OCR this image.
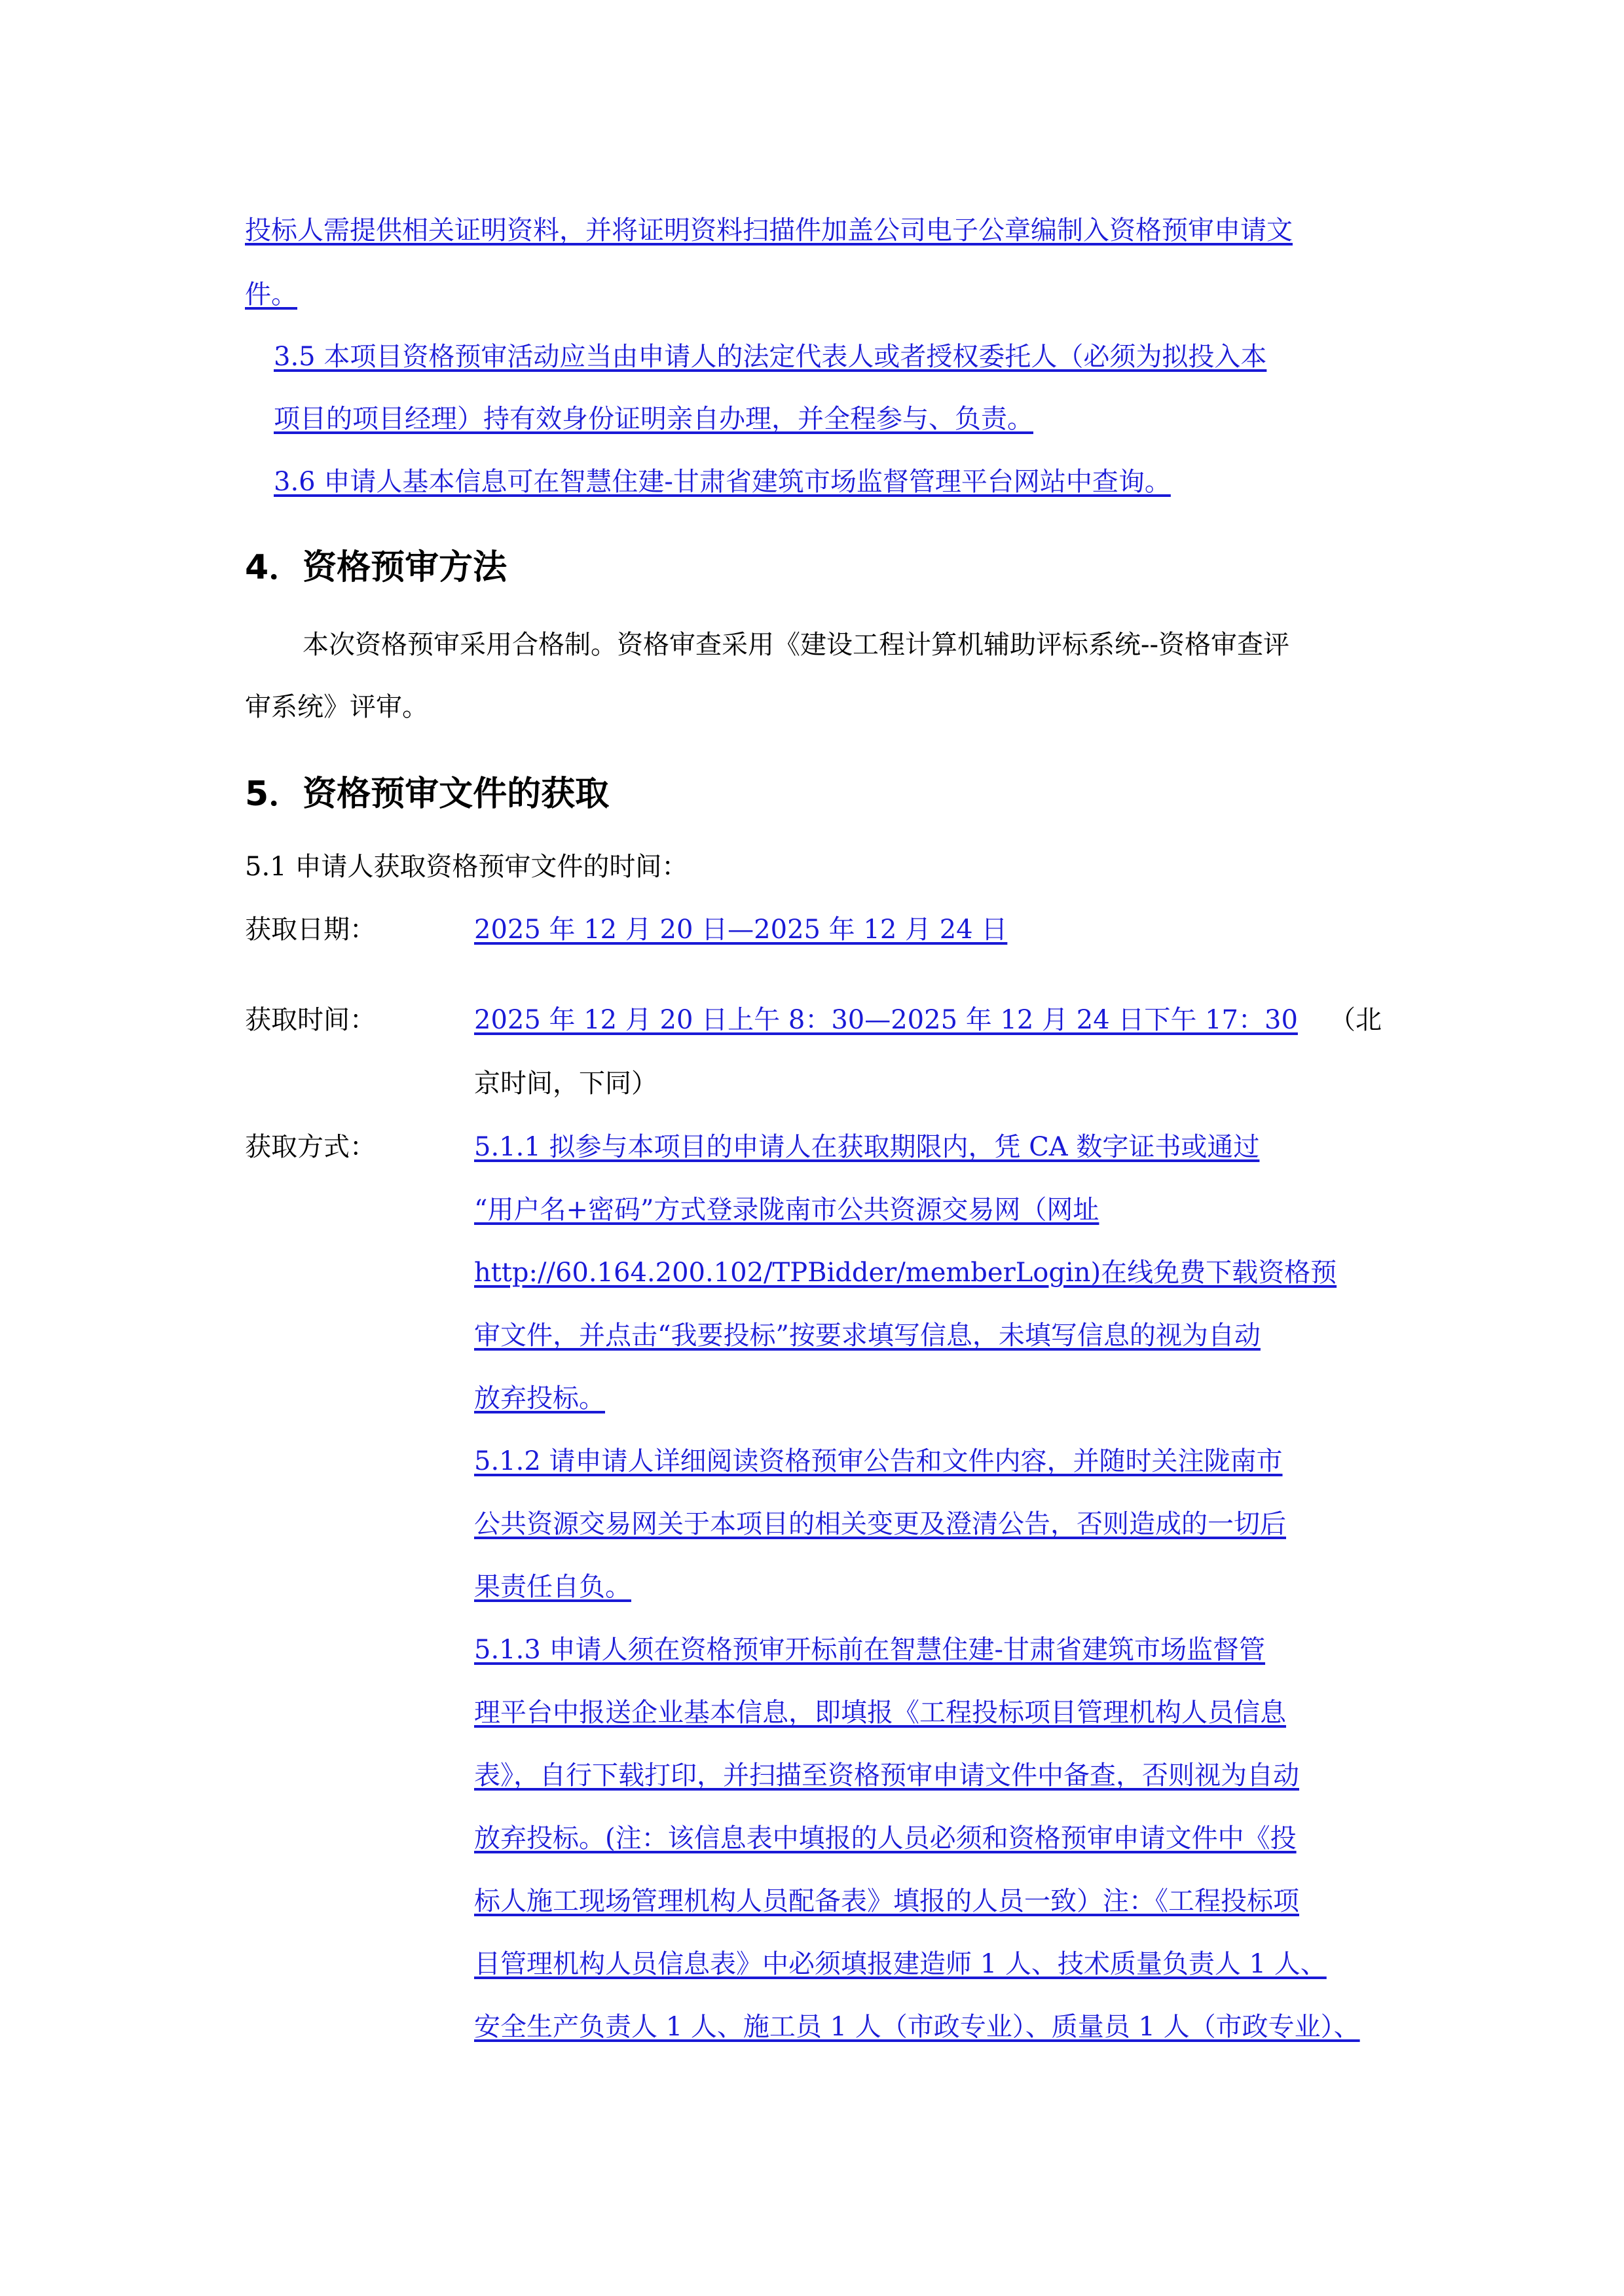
投标人需提供相关证明资料，并将证明资料扫描件加盖公司电子公章编制入资格预审申请文
件。
3.5 本项目资格预审活动应当由申请人的法定代表人或者授权委托人（必须为拟投入本
项目的项目经理）持有效身份证明亲自办理，并全程参与、负责。
3.6 申请人基本信息可在智慧住建-甘肃省建筑市场监督管理平台网站中查询。
4．资格预审方法
本次资格预审采用合格制。资格审查采用《建设工程计算机辅助评标系统--资格审查评
审系统》评审。
5．资格预审文件的获取
5.1 申请人获取资格预审文件的时间：
获取日期：	2025 年 12 月 20 日—2025 年 12 月 24 日
获取时间：	2025 年 12 月 20 日上午 8：30—2025 年 12 月 24 日下午 17：30 （北
京时间，下同）
获取方式：	5.1.1 拟参与本项目的申请人在获取期限内，凭 CA 数字证书或通过
“用户名+密码”方式登录陇南市公共资源交易网（网址
http://60.164.200.102/TPBidder/memberLogin)在线免费下载资格预
审文件，并点击“我要投标”按要求填写信息，未填写信息的视为自动
放弃投标。
5.1.2 请申请人详细阅读资格预审公告和文件内容，并随时关注陇南市
公共资源交易网关于本项目的相关变更及澄清公告，否则造成的一切后
果责任自负。
5.1.3 申请人须在资格预审开标前在智慧住建-甘肃省建筑市场监督管
理平台中报送企业基本信息，即填报《工程投标项目管理机构人员信息
表》，自行下载打印，并扫描至资格预审申请文件中备查，否则视为自动
放弃投标。(注：该信息表中填报的人员必须和资格预审申请文件中《投
标人施工现场管理机构人员配备表》填报的人员一致）注：《工程投标项
目管理机构人员信息表》中必须填报建造师 1 人、技术质量负责人 1 人、
安全生产负责人 1 人、施工员 1 人（市政专业）、质量员 1 人（市政专业）、
